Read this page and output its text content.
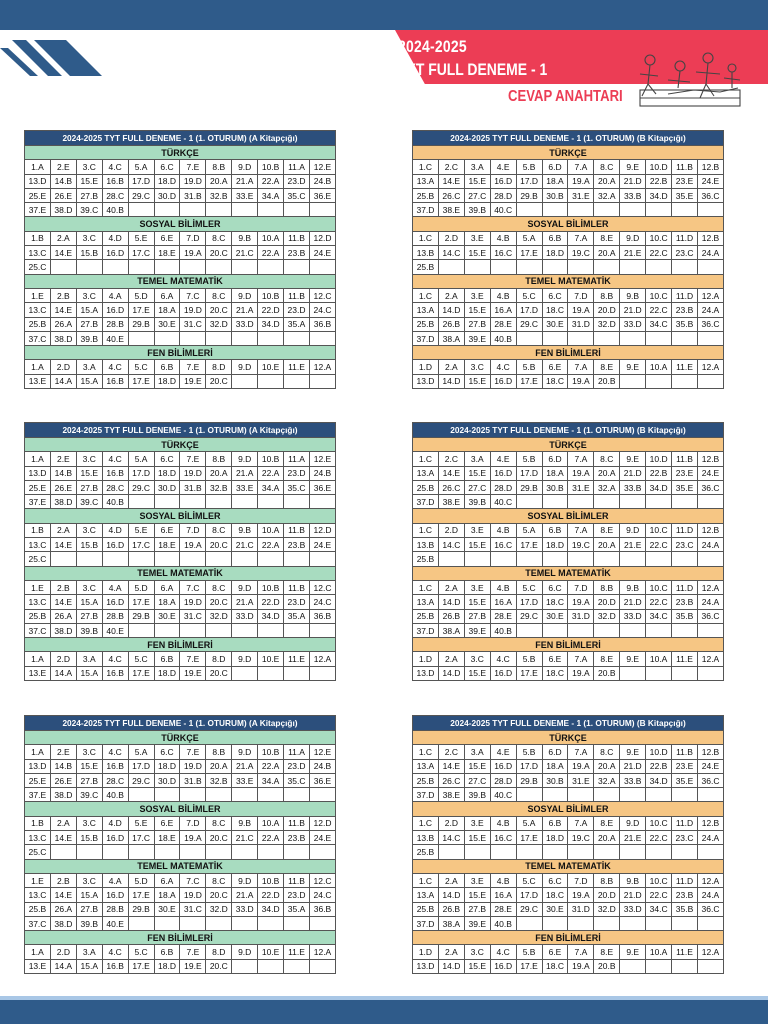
2024-2025
TYT FULL DENEME - 1
CEVAP ANAHTARI
2024-2025 TYT FULL DENEME - 1 (1. OTURUM) (A Kitapçığı)											
TÜRKÇE											
1.A	2.E	3.C	4.C	5.A	6.C	7.E	8.B	9.D	10.B	11.A	12.E
13.D	14.B	15.E	16.B	17.D	18.D	19.D	20.A	21.A	22.A	23.D	24.B
25.E	26.E	27.B	28.C	29.C	30.D	31.B	32.B	33.E	34.A	35.C	36.E
37.E	38.D	39.C	40.B								
SOSYAL BİLİMLER											
1.B	2.A	3.C	4.D	5.E	6.E	7.D	8.C	9.B	10.A	11.B	12.D
13.C	14.E	15.B	16.D	17.C	18.E	19.A	20.C	21.C	22.A	23.B	24.E
25.C											
TEMEL MATEMATİK											
1.E	2.B	3.C	4.A	5.D	6.A	7.C	8.C	9.D	10.B	11.B	12.C
13.C	14.E	15.A	16.D	17.E	18.A	19.D	20.C	21.A	22.D	23.D	24.C
25.B	26.A	27.B	28.B	29.B	30.E	31.C	32.D	33.D	34.D	35.A	36.B
37.C	38.D	39.B	40.E								
FEN BİLİMLERİ											
1.A	2.D	3.A	4.C	5.C	6.B	7.E	8.D	9.D	10.E	11.E	12.A
13.E	14.A	15.A	16.B	17.E	18.D	19.E	20.C				
2024-2025 TYT FULL DENEME - 1 (1. OTURUM) (A Kitapçığı)											
TÜRKÇE											
1.A	2.E	3.C	4.C	5.A	6.C	7.E	8.B	9.D	10.B	11.A	12.E
13.D	14.B	15.E	16.B	17.D	18.D	19.D	20.A	21.A	22.A	23.D	24.B
25.E	26.E	27.B	28.C	29.C	30.D	31.B	32.B	33.E	34.A	35.C	36.E
37.E	38.D	39.C	40.B								
SOSYAL BİLİMLER											
1.B	2.A	3.C	4.D	5.E	6.E	7.D	8.C	9.B	10.A	11.B	12.D
13.C	14.E	15.B	16.D	17.C	18.E	19.A	20.C	21.C	22.A	23.B	24.E
25.C											
TEMEL MATEMATİK											
1.E	2.B	3.C	4.A	5.D	6.A	7.C	8.C	9.D	10.B	11.B	12.C
13.C	14.E	15.A	16.D	17.E	18.A	19.D	20.C	21.A	22.D	23.D	24.C
25.B	26.A	27.B	28.B	29.B	30.E	31.C	32.D	33.D	34.D	35.A	36.B
37.C	38.D	39.B	40.E								
FEN BİLİMLERİ											
1.A	2.D	3.A	4.C	5.C	6.B	7.E	8.D	9.D	10.E	11.E	12.A
13.E	14.A	15.A	16.B	17.E	18.D	19.E	20.C				
2024-2025 TYT FULL DENEME - 1 (1. OTURUM) (A Kitapçığı)											
TÜRKÇE											
1.A	2.E	3.C	4.C	5.A	6.C	7.E	8.B	9.D	10.B	11.A	12.E
13.D	14.B	15.E	16.B	17.D	18.D	19.D	20.A	21.A	22.A	23.D	24.B
25.E	26.E	27.B	28.C	29.C	30.D	31.B	32.B	33.E	34.A	35.C	36.E
37.E	38.D	39.C	40.B								
SOSYAL BİLİMLER											
1.B	2.A	3.C	4.D	5.E	6.E	7.D	8.C	9.B	10.A	11.B	12.D
13.C	14.E	15.B	16.D	17.C	18.E	19.A	20.C	21.C	22.A	23.B	24.E
25.C											
TEMEL MATEMATİK											
1.E	2.B	3.C	4.A	5.D	6.A	7.C	8.C	9.D	10.B	11.B	12.C
13.C	14.E	15.A	16.D	17.E	18.A	19.D	20.C	21.A	22.D	23.D	24.C
25.B	26.A	27.B	28.B	29.B	30.E	31.C	32.D	33.D	34.D	35.A	36.B
37.C	38.D	39.B	40.E								
FEN BİLİMLERİ											
1.A	2.D	3.A	4.C	5.C	6.B	7.E	8.D	9.D	10.E	11.E	12.A
13.E	14.A	15.A	16.B	17.E	18.D	19.E	20.C				
2024-2025 TYT FULL DENEME - 1 (1. OTURUM) (B Kitapçığı)											
TÜRKÇE											
1.C	2.C	3.A	4.E	5.B	6.D	7.A	8.C	9.E	10.D	11.B	12.B
13.A	14.E	15.E	16.D	17.D	18.A	19.A	20.A	21.D	22.B	23.E	24.E
25.B	26.C	27.C	28.D	29.B	30.B	31.E	32.A	33.B	34.D	35.E	36.C
37.D	38.E	39.B	40.C								
SOSYAL BİLİMLER											
1.C	2.D	3.E	4.B	5.A	6.B	7.A	8.E	9.D	10.C	11.D	12.B
13.B	14.C	15.E	16.C	17.E	18.D	19.C	20.A	21.E	22.C	23.C	24.A
25.B											
TEMEL MATEMATİK											
1.C	2.A	3.E	4.B	5.C	6.C	7.D	8.B	9.B	10.C	11.D	12.A
13.A	14.D	15.E	16.A	17.D	18.C	19.A	20.D	21.D	22.C	23.B	24.A
25.B	26.B	27.B	28.E	29.C	30.E	31.D	32.D	33.D	34.C	35.B	36.C
37.D	38.A	39.E	40.B								
FEN BİLİMLERİ											
1.D	2.A	3.C	4.C	5.B	6.E	7.A	8.E	9.E	10.A	11.E	12.A
13.D	14.D	15.E	16.D	17.E	18.C	19.A	20.B				
2024-2025 TYT FULL DENEME - 1 (1. OTURUM) (B Kitapçığı)											
TÜRKÇE											
1.C	2.C	3.A	4.E	5.B	6.D	7.A	8.C	9.E	10.D	11.B	12.B
13.A	14.E	15.E	16.D	17.D	18.A	19.A	20.A	21.D	22.B	23.E	24.E
25.B	26.C	27.C	28.D	29.B	30.B	31.E	32.A	33.B	34.D	35.E	36.C
37.D	38.E	39.B	40.C								
SOSYAL BİLİMLER											
1.C	2.D	3.E	4.B	5.A	6.B	7.A	8.E	9.D	10.C	11.D	12.B
13.B	14.C	15.E	16.C	17.E	18.D	19.C	20.A	21.E	22.C	23.C	24.A
25.B											
TEMEL MATEMATİK											
1.C	2.A	3.E	4.B	5.C	6.C	7.D	8.B	9.B	10.C	11.D	12.A
13.A	14.D	15.E	16.A	17.D	18.C	19.A	20.D	21.D	22.C	23.B	24.A
25.B	26.B	27.B	28.E	29.C	30.E	31.D	32.D	33.D	34.C	35.B	36.C
37.D	38.A	39.E	40.B								
FEN BİLİMLERİ											
1.D	2.A	3.C	4.C	5.B	6.E	7.A	8.E	9.E	10.A	11.E	12.A
13.D	14.D	15.E	16.D	17.E	18.C	19.A	20.B				
2024-2025 TYT FULL DENEME - 1 (1. OTURUM) (B Kitapçığı)											
TÜRKÇE											
1.C	2.C	3.A	4.E	5.B	6.D	7.A	8.C	9.E	10.D	11.B	12.B
13.A	14.E	15.E	16.D	17.D	18.A	19.A	20.A	21.D	22.B	23.E	24.E
25.B	26.C	27.C	28.D	29.B	30.B	31.E	32.A	33.B	34.D	35.E	36.C
37.D	38.E	39.B	40.C								
SOSYAL BİLİMLER											
1.C	2.D	3.E	4.B	5.A	6.B	7.A	8.E	9.D	10.C	11.D	12.B
13.B	14.C	15.E	16.C	17.E	18.D	19.C	20.A	21.E	22.C	23.C	24.A
25.B											
TEMEL MATEMATİK											
1.C	2.A	3.E	4.B	5.C	6.C	7.D	8.B	9.B	10.C	11.D	12.A
13.A	14.D	15.E	16.A	17.D	18.C	19.A	20.D	21.D	22.C	23.B	24.A
25.B	26.B	27.B	28.E	29.C	30.E	31.D	32.D	33.D	34.C	35.B	36.C
37.D	38.A	39.E	40.B								
FEN BİLİMLERİ											
1.D	2.A	3.C	4.C	5.B	6.E	7.A	8.E	9.E	10.A	11.E	12.A
13.D	14.D	15.E	16.D	17.E	18.C	19.A	20.B				
